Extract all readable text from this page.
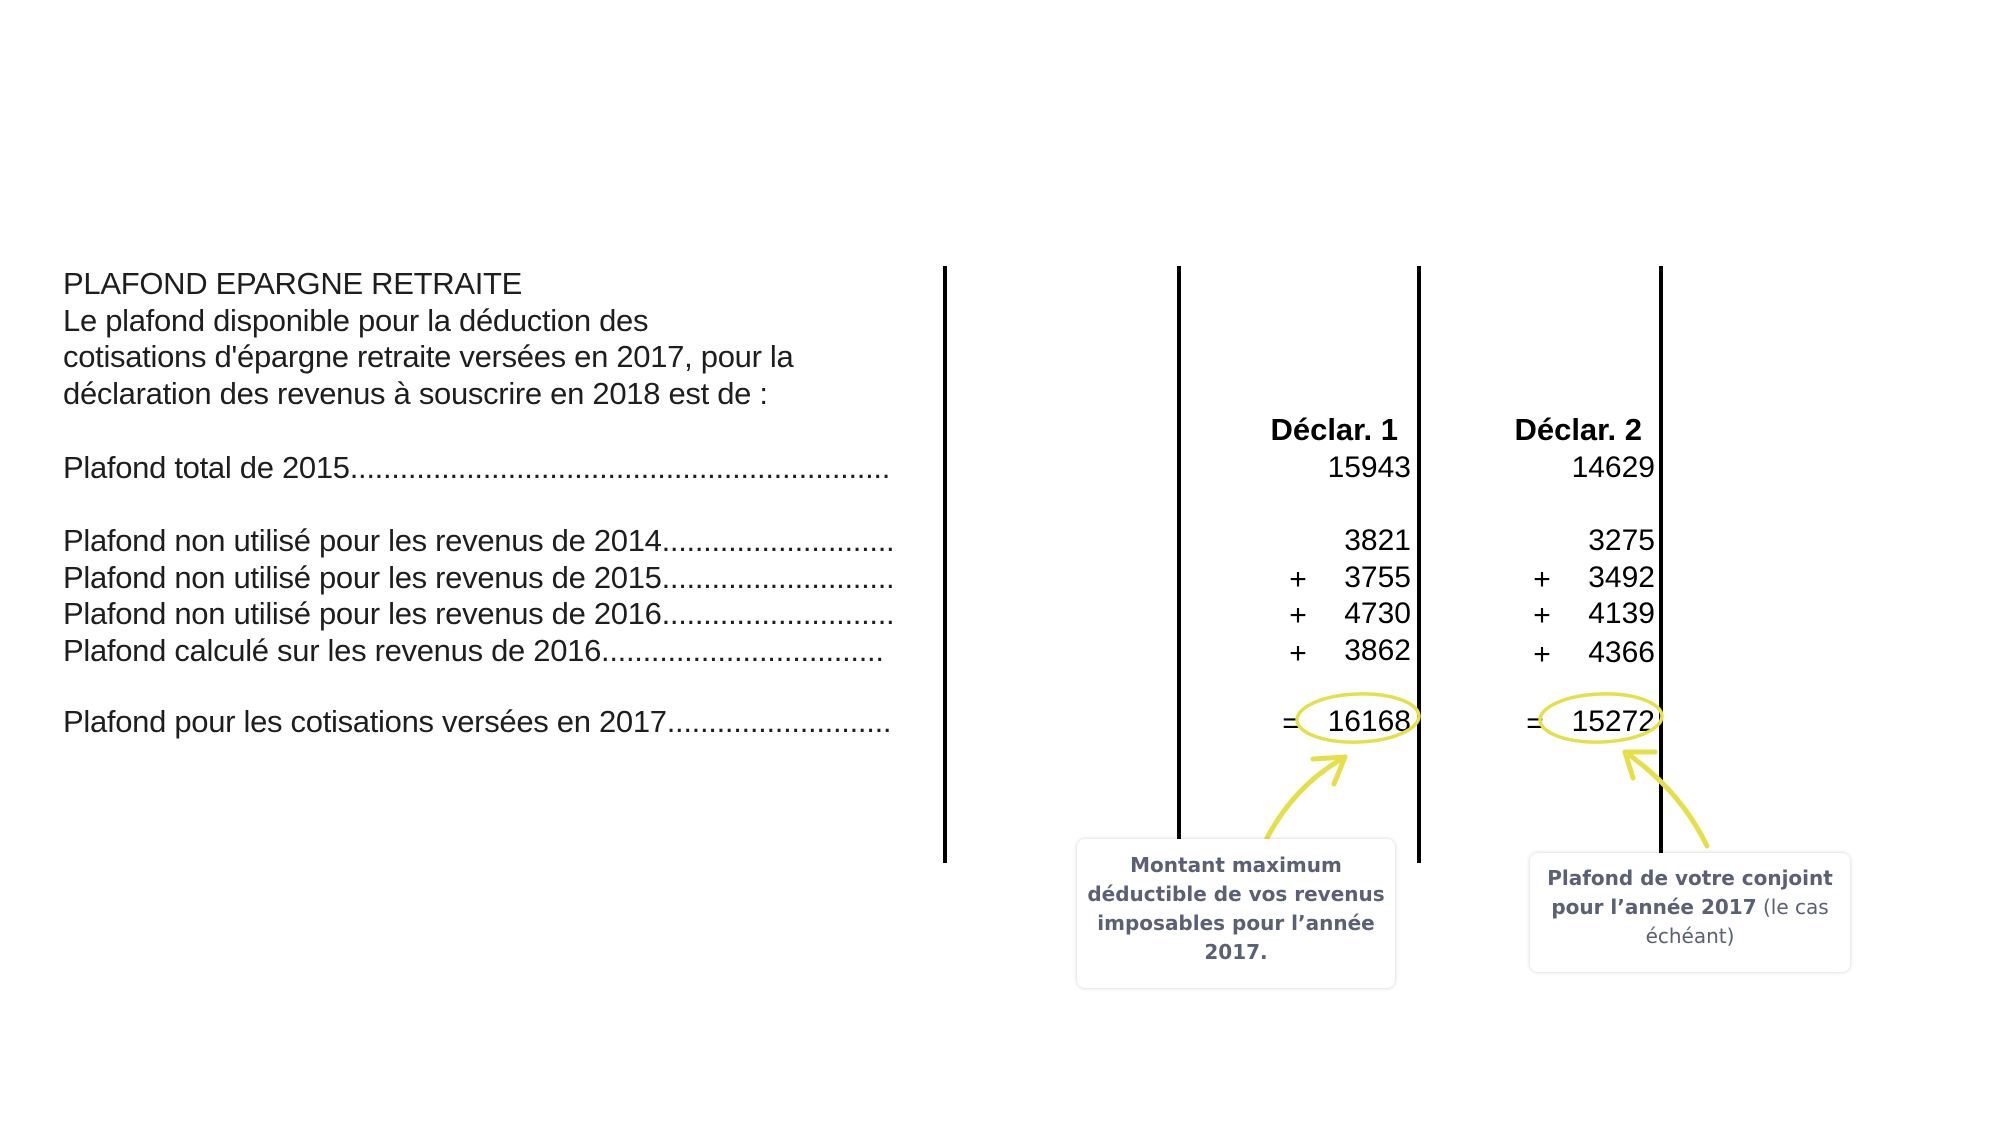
PLAFOND EPARGNE RETRAITE
Le plafond disponible pour la déduction des
cotisations d'épargne retraite versées en 2017, pour la
déclaration des revenus à souscrire en 2018 est de :
Déclar. 1	Déclar. 2
Plafond total de 2015.................................................................	15943	14629
Plafond non utilisé pour les revenus de 2014............................	3821	3275
Plafond non utilisé pour les revenus de 2015............................	+	3755	+	3492
Plafond non utilisé pour les revenus de 2016............................	+	4730	+	4139
Plafond calculé sur les revenus de 2016..................................	+	3862	+	4366
Plafond pour les cotisations versées en 2017...........................	= 16168	= 15272
Montant maximum
déductible de vos revenus
imposables pour l’année
2017.
Plafond de votre conjoint
pour l’année 2017 (le cas
échéant)
